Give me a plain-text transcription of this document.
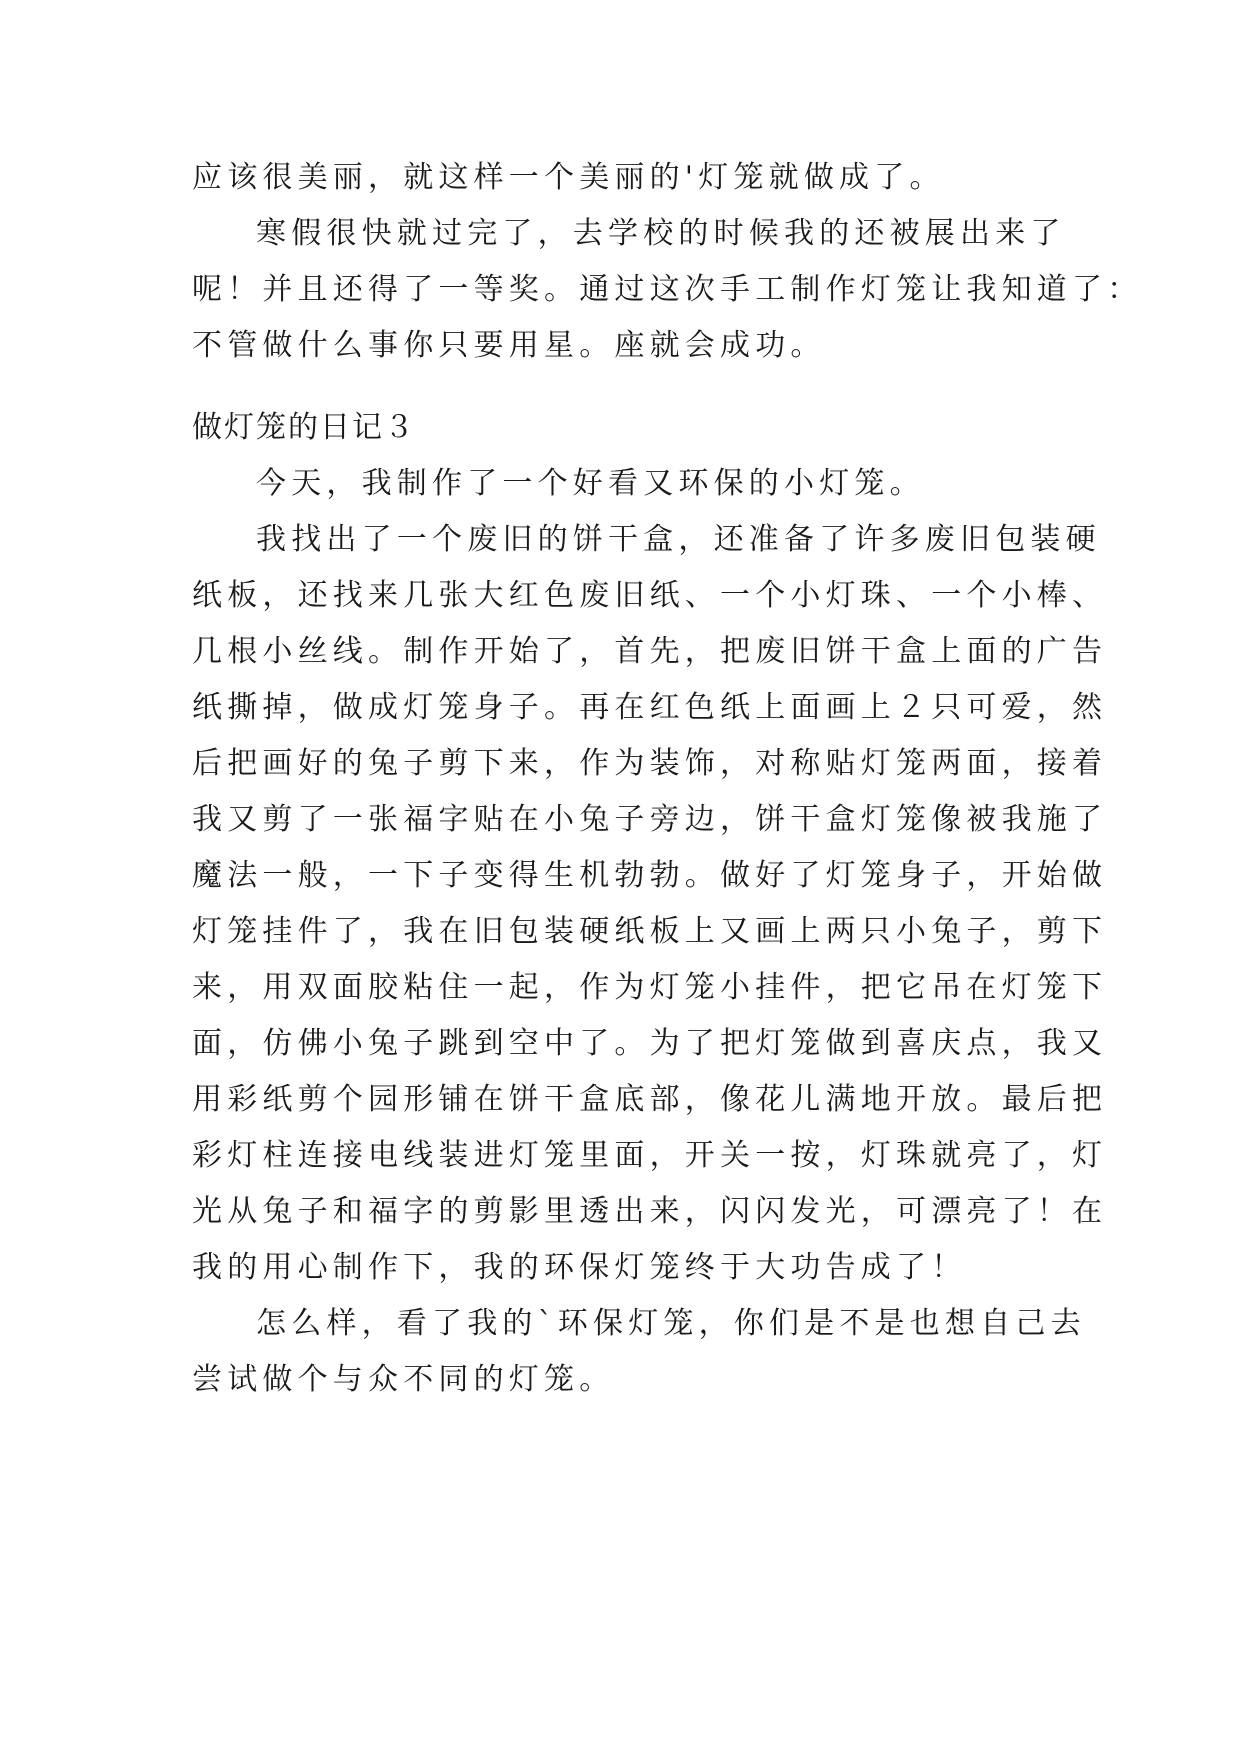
应该很美丽，就这样一个美丽的'灯笼就做成了。
寒假很快就过完了，去学校的时候我的还被展出来了
呢！并且还得了一等奖。通过这次手工制作灯笼让我知道了：
不管做什么事你只要用星。座就会成功。
做灯笼的日记３
今天，我制作了一个好看又环保的小灯笼。
我找出了一个废旧的饼干盒，还准备了许多废旧包装硬
纸板，还找来几张大红色废旧纸、一个小灯珠、一个小棒、
几根小丝线。制作开始了，首先，把废旧饼干盒上面的广告
纸撕掉，做成灯笼身子。再在红色纸上面画上２只可爱，然
后把画好的兔子剪下来，作为装饰，对称贴灯笼两面，接着
我又剪了一张福字贴在小兔子旁边，饼干盒灯笼像被我施了
魔法一般，一下子变得生机勃勃。做好了灯笼身子，开始做
灯笼挂件了，我在旧包装硬纸板上又画上两只小兔子，剪下
来，用双面胶粘住一起，作为灯笼小挂件，把它吊在灯笼下
面，仿佛小兔子跳到空中了。为了把灯笼做到喜庆点，我又
用彩纸剪个园形铺在饼干盒底部，像花儿满地开放。最后把
彩灯柱连接电线装进灯笼里面，开关一按，灯珠就亮了，灯
光从兔子和福字的剪影里透出来，闪闪发光，可漂亮了！在
我的用心制作下，我的环保灯笼终于大功告成了！
怎么样，看了我的`环保灯笼，你们是不是也想自己去
尝试做个与众不同的灯笼。
